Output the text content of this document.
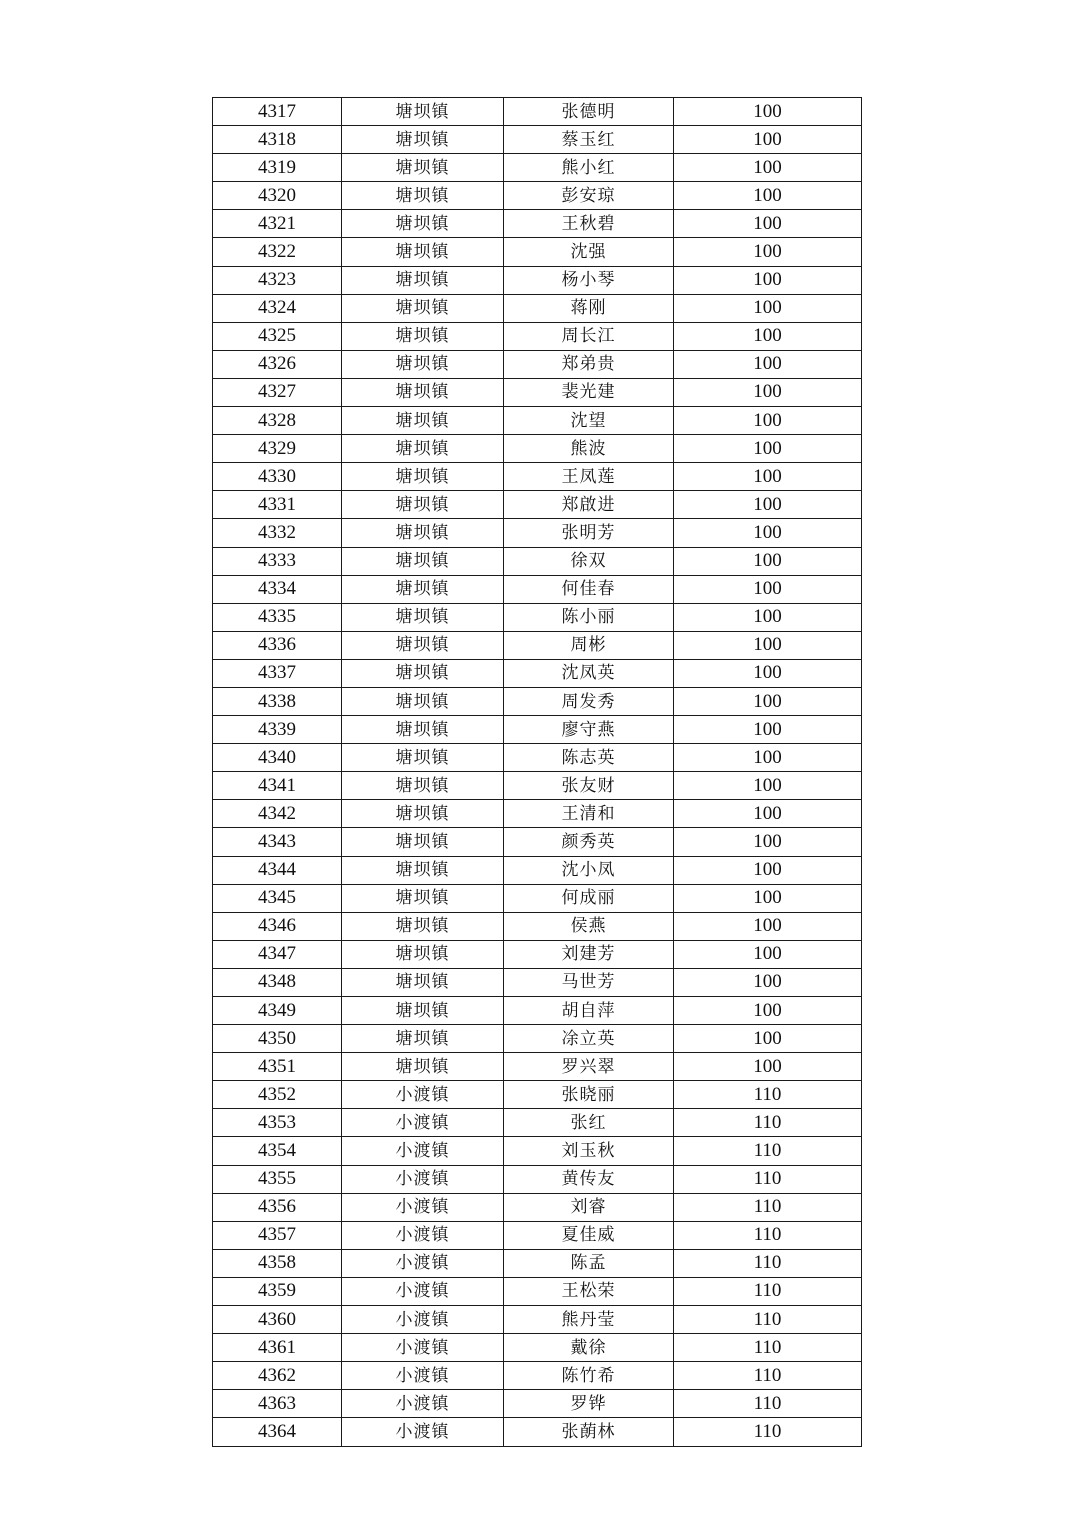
4317	塘坝镇	张德明	100
4318	塘坝镇	蔡玉红	100
4319	塘坝镇	熊小红	100
4320	塘坝镇	彭安琼	100
4321	塘坝镇	王秋碧	100
4322	塘坝镇	沈强	100
4323	塘坝镇	杨小琴	100
4324	塘坝镇	蒋刚	100
4325	塘坝镇	周长江	100
4326	塘坝镇	郑弟贵	100
4327	塘坝镇	裴光建	100
4328	塘坝镇	沈望	100
4329	塘坝镇	熊波	100
4330	塘坝镇	王凤莲	100
4331	塘坝镇	郑啟进	100
4332	塘坝镇	张明芳	100
4333	塘坝镇	徐双	100
4334	塘坝镇	何佳春	100
4335	塘坝镇	陈小丽	100
4336	塘坝镇	周彬	100
4337	塘坝镇	沈凤英	100
4338	塘坝镇	周发秀	100
4339	塘坝镇	廖守燕	100
4340	塘坝镇	陈志英	100
4341	塘坝镇	张友财	100
4342	塘坝镇	王清和	100
4343	塘坝镇	颜秀英	100
4344	塘坝镇	沈小凤	100
4345	塘坝镇	何成丽	100
4346	塘坝镇	侯燕	100
4347	塘坝镇	刘建芳	100
4348	塘坝镇	马世芳	100
4349	塘坝镇	胡自萍	100
4350	塘坝镇	凃立英	100
4351	塘坝镇	罗兴翠	100
4352	小渡镇	张晓丽	110
4353	小渡镇	张红	110
4354	小渡镇	刘玉秋	110
4355	小渡镇	黄传友	110
4356	小渡镇	刘睿	110
4357	小渡镇	夏佳威	110
4358	小渡镇	陈孟	110
4359	小渡镇	王松荣	110
4360	小渡镇	熊丹莹	110
4361	小渡镇	戴徐	110
4362	小渡镇	陈竹希	110
4363	小渡镇	罗铧	110
4364	小渡镇	张蓢林	110
